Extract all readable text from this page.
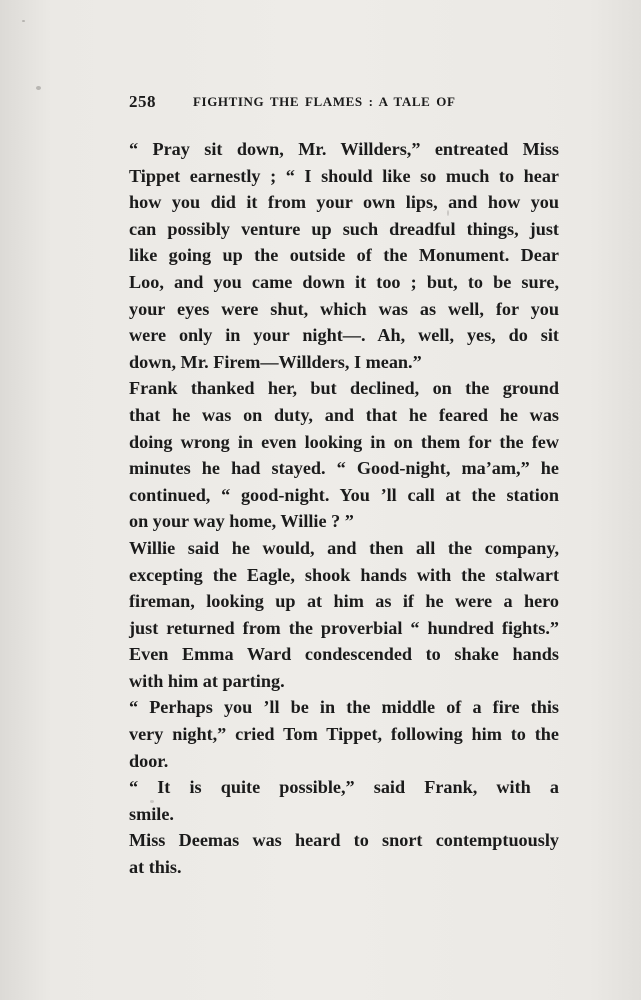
258	FIGHTING THE FLAMES : A TALE OF
“ Pray sit down, Mr. Willders,” entreated Miss
Tippet earnestly ; “ I should like so much to hear
how you did it from your own lips, and how you
can possibly venture up such dreadful things, just
like going up the outside of the Monument. Dear
Loo, and you came down it too ; but, to be sure,
your eyes were shut, which was as well, for you
were only in your night—. Ah, well, yes, do sit
down, Mr. Firem—Willders, I mean.”
Frank thanked her, but declined, on the ground
that he was on duty, and that he feared he was
doing wrong in even looking in on them for the few
minutes he had stayed. “ Good-night, ma’am,” he
continued, “ good-night. You ’ll call at the station
on your way home, Willie ? ”
Willie said he would, and then all the company,
excepting the Eagle, shook hands with the stalwart
fireman, looking up at him as if he were a hero
just returned from the proverbial “ hundred fights.”
Even Emma Ward condescended to shake hands
with him at parting.
“ Perhaps you ’ll be in the middle of a fire this
very night,” cried Tom Tippet, following him to the
door.
“ It is quite possible,” said Frank, with a
smile.
Miss Deemas was heard to snort contemptuously
at this.
